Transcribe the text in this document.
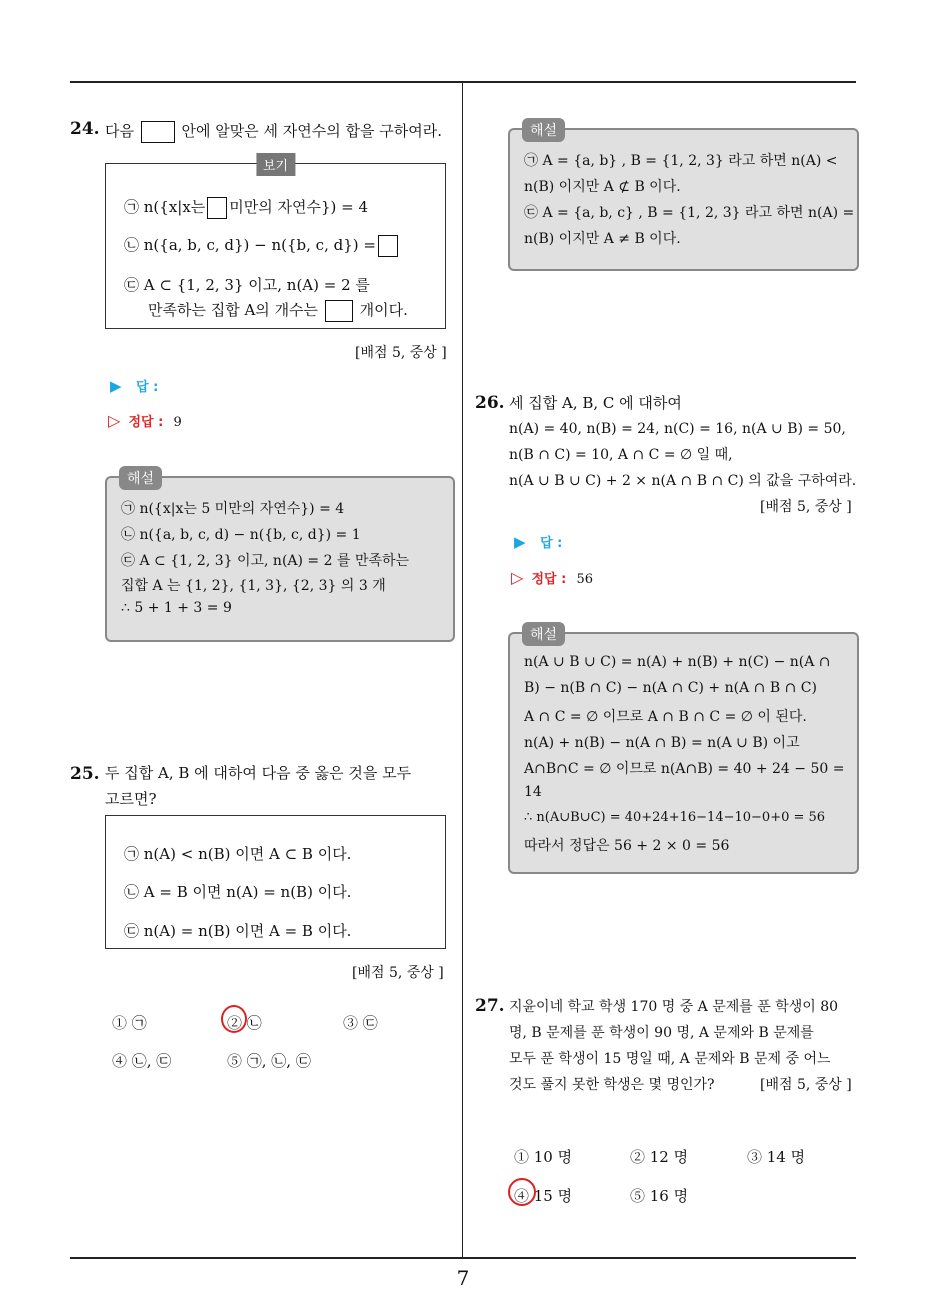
24. 다음	안에 알맞은 세 자연수의 합을 구하여라.
보기
㉠ n({x|x는 미만의 자연수}) = 4
㉡ n({a, b, c, d}) − n({b, c, d}) =
㉢ A ⊂ {1, 2, 3} 이고, n(A) = 2 를
만족하는 집합 A의 개수는	개이다.
[배점 5, 중상 ]
▶ 답 :
▷ 정답 : 9
해설
㉠ n({x|x는 5 미만의 자연수}) = 4
㉡ n({a, b, c, d) − n({b, c, d}) = 1
㉢ A ⊂ {1, 2, 3} 이고, n(A) = 2 를 만족하는
집합 A 는 {1, 2}, {1, 3}, {2, 3} 의 3 개
∴ 5 + 1 + 3 = 9
25. 두 집합 A, B 에 대하여 다음 중 옳은 것을 모두
고르면?
㉠ n(A) < n(B) 이면 A ⊂ B 이다.
㉡ A = B 이면 n(A) = n(B) 이다.
㉢ n(A) = n(B) 이면 A = B 이다.
[배점 5, 중상 ]
① ㉠	② ㉡	③ ㉢
④ ㉡, ㉢	⑤ ㉠, ㉡, ㉢
해설
㉠ A = {a, b} , B = {1, 2, 3} 라고 하면 n(A) <
n(B) 이지만 A ⊄ B 이다.
㉢ A = {a, b, c} , B = {1, 2, 3} 라고 하면 n(A) =
n(B) 이지만 A ≠ B 이다.
26. 세 집합 A, B, C 에 대하여
n(A) = 40, n(B) = 24, n(C) = 16, n(A ∪ B) = 50,
n(B ∩ C) = 10, A ∩ C = ∅ 일 때,
n(A ∪ B ∪ C) + 2 × n(A ∩ B ∩ C) 의 값을 구하여라.
[배점 5, 중상 ]
▶ 답 :
▷ 정답 : 56
해설
n(A ∪ B ∪ C) = n(A) + n(B) + n(C) − n(A ∩
B) − n(B ∩ C) − n(A ∩ C) + n(A ∩ B ∩ C)
A ∩ C = ∅ 이므로 A ∩ B ∩ C = ∅ 이 된다.
n(A) + n(B) − n(A ∩ B) = n(A ∪ B) 이고
A∩B∩C = ∅ 이므로 n(A∩B) = 40 + 24 − 50 =
14
∴ n(A∪B∪C) = 40+24+16−14−10−0+0 = 56
따라서 정답은 56 + 2 × 0 = 56
27. 지윤이네 학교 학생 170 명 중 A 문제를 푼 학생이 80
명, B 문제를 푼 학생이 90 명, A 문제와 B 문제를
모두 푼 학생이 15 명일 때, A 문제와 B 문제 중 어느
것도 풀지 못한 학생은 몇 명인가?	[배점 5, 중상 ]
① 10 명	② 12 명	③ 14 명
④ 15 명	⑤ 16 명
7
